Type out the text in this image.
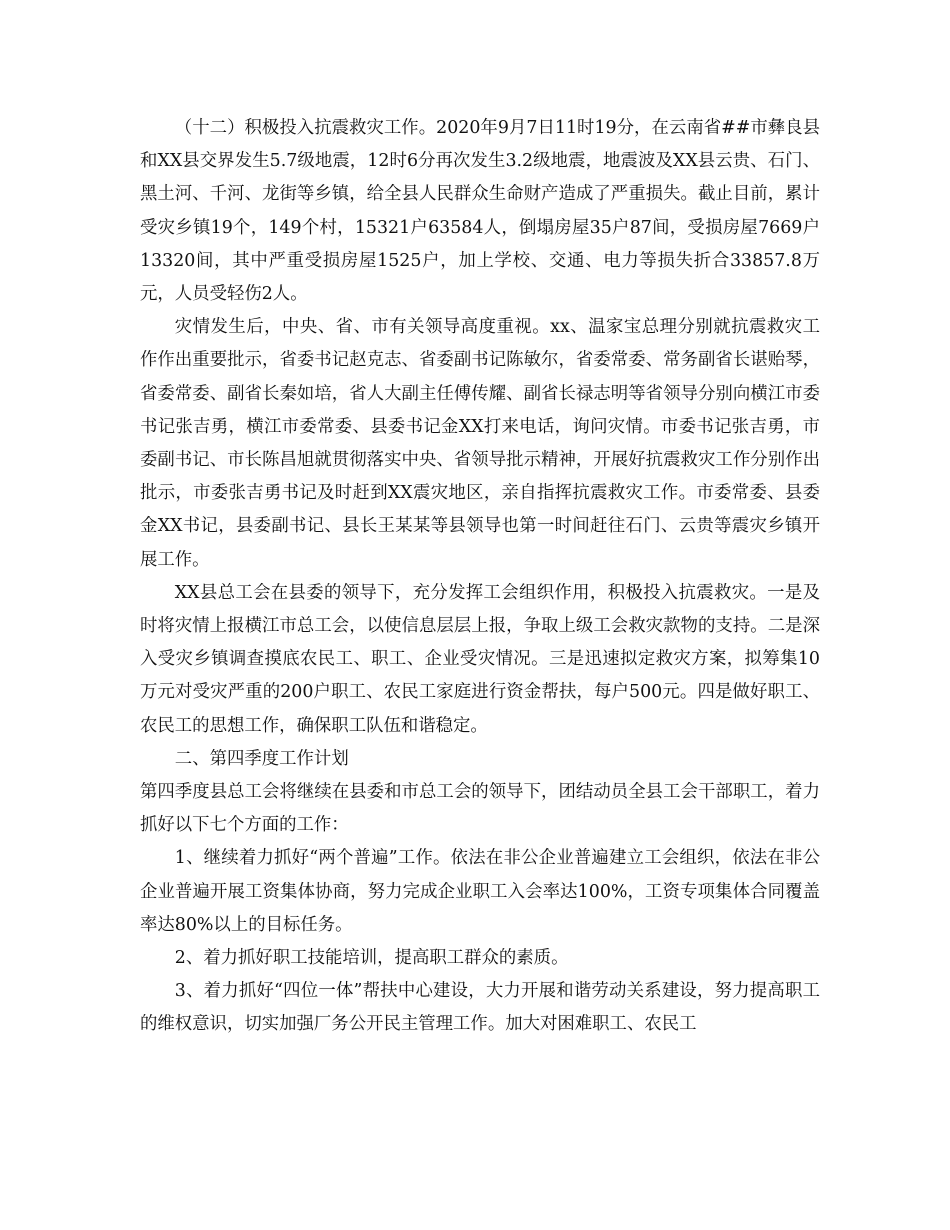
（十二）积极投入抗震救灾工作。2020年9月7日11时19分，在云南省##市彝良县和XX县交界发生5.7级地震，12时6分再次发生3.2级地震，地震波及XX县云贵、石门、黑土河、千河、龙街等乡镇，给全县人民群众生命财产造成了严重损失。截止目前，累计受灾乡镇19个，149个村，15321户63584人，倒塌房屋35户87间，受损房屋7669户13320间，其中严重受损房屋1525户，加上学校、交通、电力等损失折合33857.8万元，人员受轻伤2人。

灾情发生后，中央、省、市有关领导高度重视。xx、温家宝总理分别就抗震救灾工作作出重要批示，省委书记赵克志、省委副书记陈敏尔，省委常委、常务副省长谌贻琴，省委常委、副省长秦如培，省人大副主任傅传耀、副省长禄志明等省领导分别向横江市委书记张吉勇，横江市委常委、县委书记金XX打来电话，询问灾情。市委书记张吉勇，市委副书记、市长陈昌旭就贯彻落实中央、省领导批示精神，开展好抗震救灾工作分别作出批示，市委张吉勇书记及时赶到XX震灾地区，亲自指挥抗震救灾工作。市委常委、县委金XX书记，县委副书记、县长王某某等县领导也第一时间赶往石门、云贵等震灾乡镇开展工作。

XX县总工会在县委的领导下，充分发挥工会组织作用，积极投入抗震救灾。一是及时将灾情上报横江市总工会，以使信息层层上报，争取上级工会救灾款物的支持。二是深入受灾乡镇调查摸底农民工、职工、企业受灾情况。三是迅速拟定救灾方案，拟筹集10万元对受灾严重的200户职工、农民工家庭进行资金帮扶，每户500元。四是做好职工、农民工的思想工作，确保职工队伍和谐稳定。

二、第四季度工作计划

第四季度县总工会将继续在县委和市总工会的领导下，团结动员全县工会干部职工，着力抓好以下七个方面的工作：

1、继续着力抓好“两个普遍”工作。依法在非公企业普遍建立工会组织，依法在非公企业普遍开展工资集体协商，努力完成企业职工入会率达100%，工资专项集体合同覆盖率达80%以上的目标任务。

2、着力抓好职工技能培训，提高职工群众的素质。

3、着力抓好“四位一体”帮扶中心建设，大力开展和谐劳动关系建设，努力提高职工的维权意识，切实加强厂务公开民主管理工作。加大对困难职工、农民工
